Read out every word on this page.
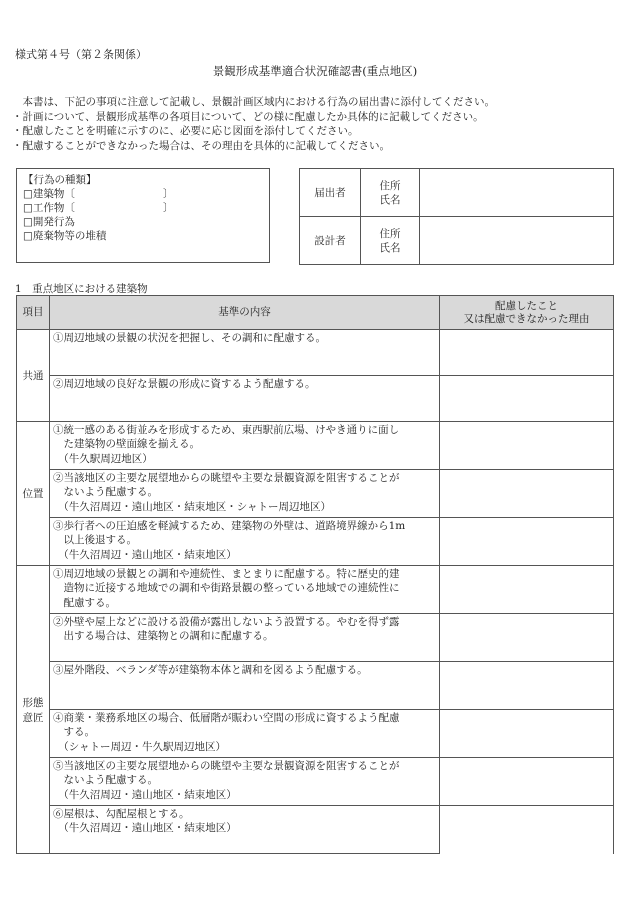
様式第４号（第２条関係）
景観形成基準適合状況確認書(重点地区)
　本書は、下記の事項に注意して記載し、景観計画区域内における行為の届出書に添付してください。
・計画について、景観形成基準の各項目について、どの様に配慮したか具体的に記載してください。
・配慮したことを明確に示すのに、必要に応じ図面を添付してください。
・配慮することができなかった場合は、その理由を具体的に記載してください。
【行為の種類】
□建築物〔	〕
□工作物〔	〕
□開発行為
□廃棄物等の堆積
届出者	住所
氏名	
設計者	住所
氏名	
1　重点地区における建築物
項目	基準の内容	配慮したこと
又は配慮できなかった理由
共通	①周辺地域の景観の状況を把握し、その調和に配慮する。	
	②周辺地域の良好な景観の形成に資するよう配慮する。	
位置	①統一感のある街並みを形成するため、東西駅前広場、けやき通りに面し
　た建築物の壁面線を揃える。
　（牛久駅周辺地区）	
	②当該地区の主要な展望地からの眺望や主要な景観資源を阻害することが
　ないよう配慮する。
　（牛久沼周辺・遠山地区・結束地区・シャトー周辺地区）	
	③歩行者への圧迫感を軽減するため、建築物の外壁は、道路境界線から1m
　以上後退する。
　（牛久沼周辺・遠山地区・結束地区）	
形態
意匠	①周辺地域の景観との調和や連続性、まとまりに配慮する。特に歴史的建
　造物に近接する地域での調和や街路景観の整っている地域での連続性に
　配慮する。	
	②外壁や屋上などに設ける設備が露出しないよう設置する。やむを得ず露
　出する場合は、建築物との調和に配慮する。	
	③屋外階段、ベランダ等が建築物本体と調和を図るよう配慮する。	
	④商業・業務系地区の場合、低層階が賑わい空間の形成に資するよう配慮
　する。
　（シャトー周辺・牛久駅周辺地区）	
	⑤当該地区の主要な展望地からの眺望や主要な景観資源を阻害することが
　ないよう配慮する。
　（牛久沼周辺・遠山地区・結束地区）	
	⑥屋根は、勾配屋根とする。
　（牛久沼周辺・遠山地区・結束地区）	
